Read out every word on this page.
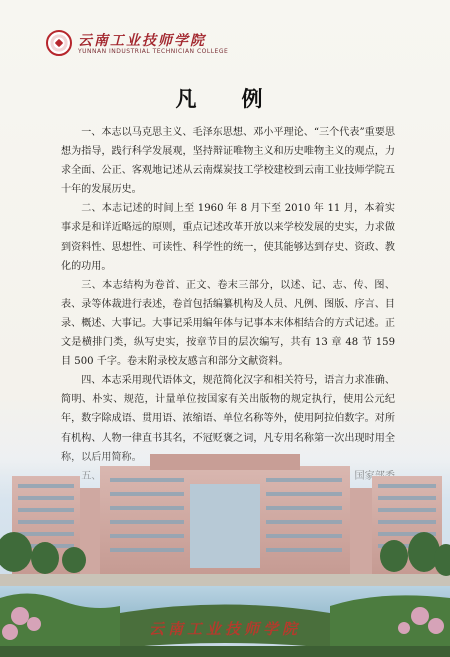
云南工业技师学院
YUNNAN INDUSTRIAL TECHNICIAN COLLEGE
凡　例

一、本志以马克思主义、毛泽东思想、邓小平理论、“三个代表”重要思想为指导，践行科学发展观，坚持辩证唯物主义和历史唯物主义的观点，力求全面、公正、客观地记述从云南煤炭技工学校建校到云南工业技师学院五十年的发展历史。

二、本志记述的时间上至 1960 年 8 月下至 2010 年 11 月，本着实事求是和详近略远的原则，重点记述改革开放以来学校发展的史实，力求做到资料性、思想性、可读性、科学性的统一，使其能够达到存史、资政、教化的功用。

三、本志结构为卷首、正文、卷末三部分，以述、记、志、传、图、表、录等体裁进行表述，卷首包括编纂机构及人员、凡例、图版、序言、目录、概述、大事记。大事记采用编年体与记事本末体相结合的方式记述。正文是横排门类，纵写史实，按章节目的层次编写，共有 13 章 48 节 159 目 500 千字。卷末附录校友感言和部分文献资料。

四、本志采用现代语体文，规范简化汉字和相关符号，语言力求准确、简明、朴实、规范，计量单位按国家有关出版物的规定执行，使用公元纪年，数字除成语、贯用语、浓缩语、单位名称等外，使用阿拉伯数字。对所有机构、人物一律直书其名，不冠贬褒之词，凡专用名称第一次出现时用全

云南工业技师学院
